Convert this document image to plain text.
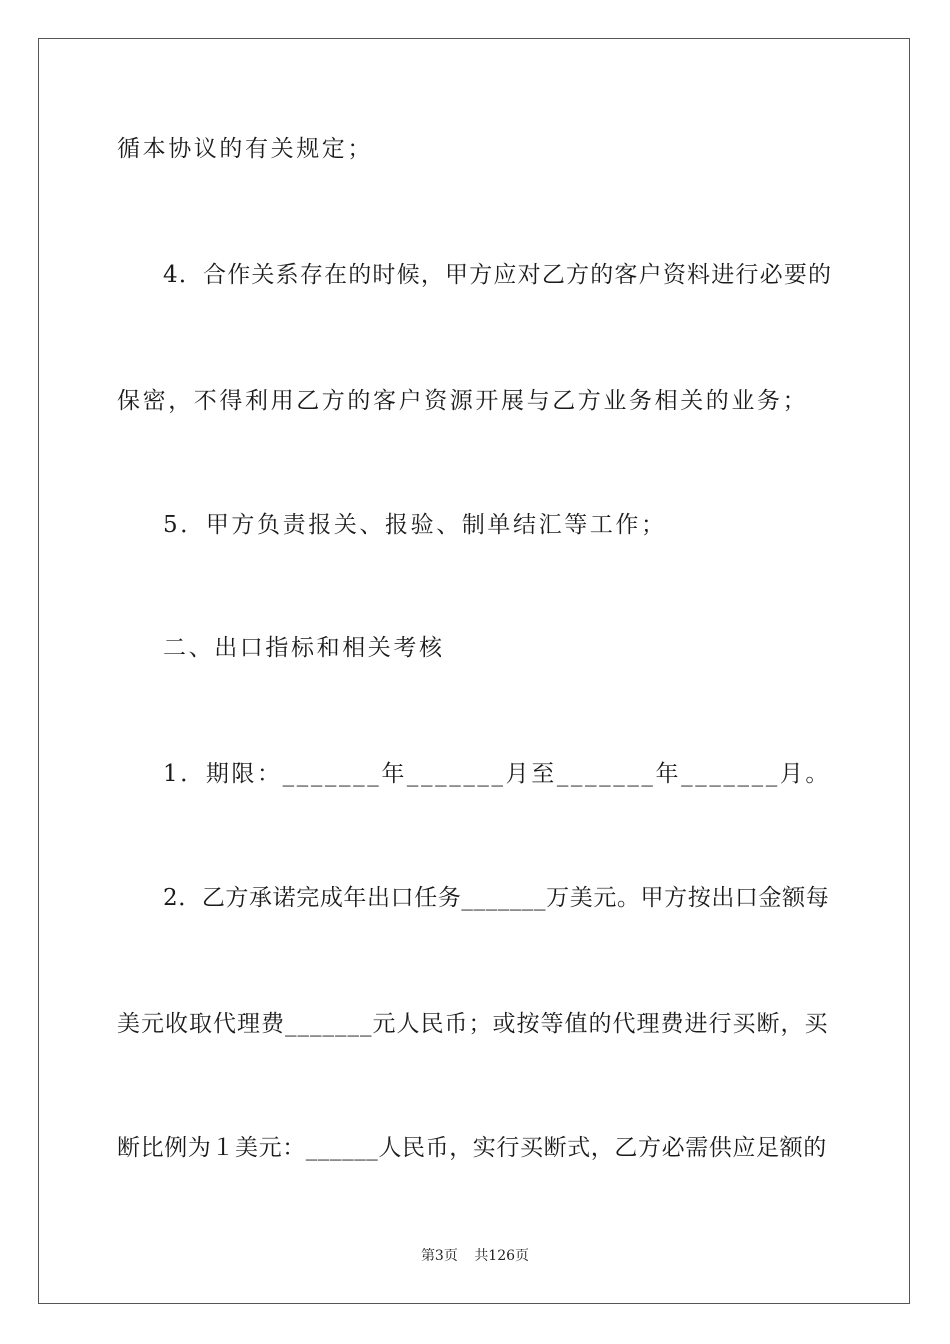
循本协议的有关规定；
4．合作关系存在的时候，甲方应对乙方的客户资料进行必要的
保密，不得利用乙方的客户资源开展与乙方业务相关的业务；
5．甲方负责报关、报验、制单结汇等工作；
二、出口指标和相关考核
1．期限：_______年_______月至_______年_______月。
2．乙方承诺完成年出口任务_______万美元。甲方按出口金额每
美元收取代理费_______元人民币；或按等值的代理费进行买断，买
断比例为１美元：______人民币，实行买断式，乙方必需供应足额的
第3页 共126页
